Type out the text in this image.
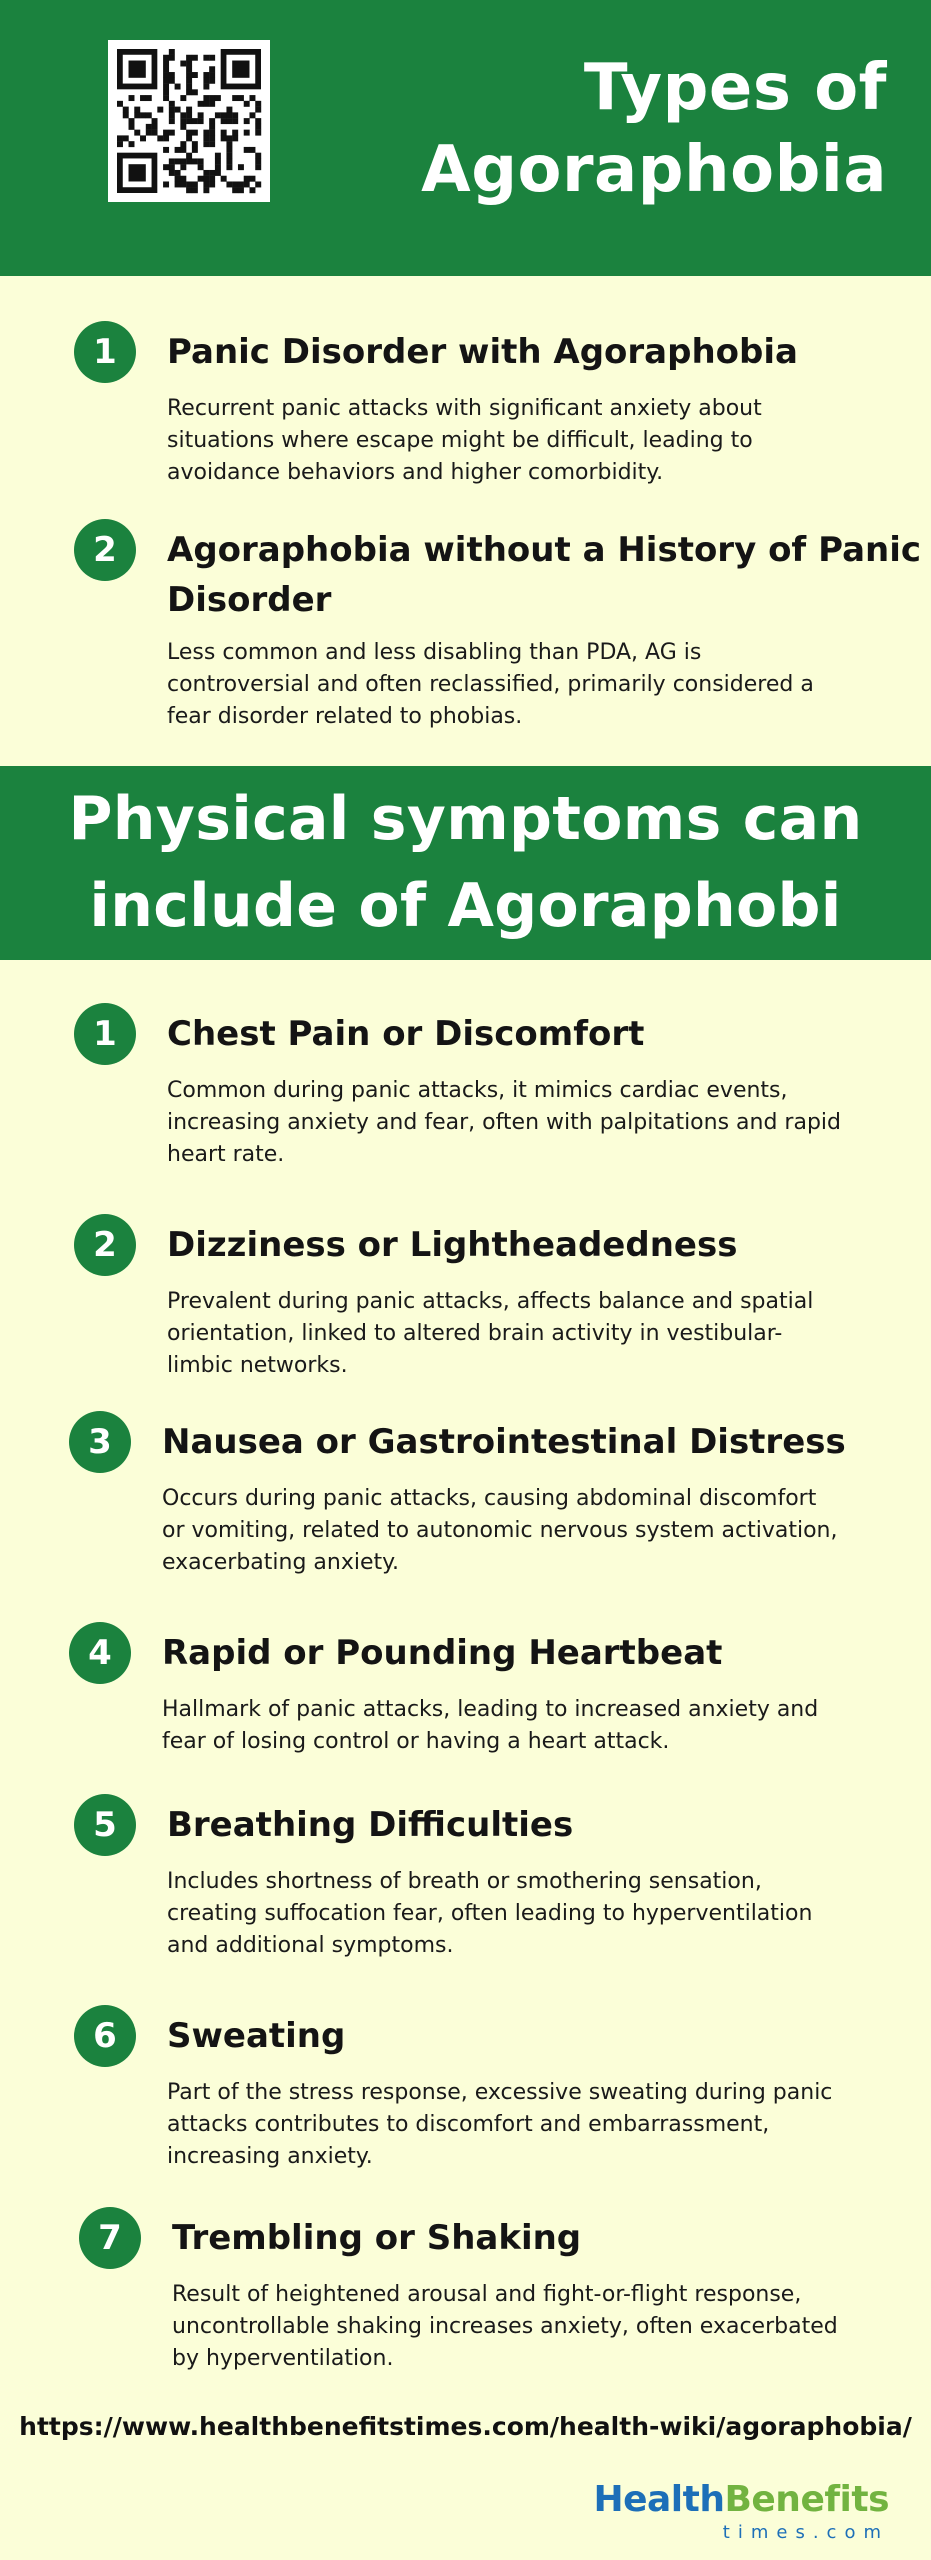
Types of
Agoraphobia
1	Panic Disorder with Agoraphobia

Recurrent panic attacks with significant anxiety about
situations where escape might be difficult, leading to
avoidance behaviors and higher comorbidity.

2	Agoraphobia without a History of Panic
Disorder

Less common and less disabling than PDA, AG is
controversial and often reclassified, primarily considered a
fear disorder related to phobias.

Physical symptoms can
include of Agoraphobi
1	Chest Pain or Discomfort

Common during panic attacks, it mimics cardiac events,
increasing anxiety and fear, often with palpitations and rapid
heart rate.

2	Dizziness or Lightheadedness

Prevalent during panic attacks, affects balance and spatial
orientation, linked to altered brain activity in vestibular-
limbic networks.

3	Nausea or Gastrointestinal Distress

Occurs during panic attacks, causing abdominal discomfort
or vomiting, related to autonomic nervous system activation,
exacerbating anxiety.

4	Rapid or Pounding Heartbeat

Hallmark of panic attacks, leading to increased anxiety and
fear of losing control or having a heart attack.

5	Breathing Difficulties

Includes shortness of breath or smothering sensation,
creating suffocation fear, often leading to hyperventilation
and additional symptoms.

6	Sweating

Part of the stress response, excessive sweating during panic
attacks contributes to discomfort and embarrassment,
increasing anxiety.

7	Trembling or Shaking

Result of heightened arousal and fight-or-flight response,
uncontrollable shaking increases anxiety, often exacerbated
by hyperventilation.

https://www.healthbenefitstimes.com/health-wiki/agoraphobia/

HealthBenefits
times.com
